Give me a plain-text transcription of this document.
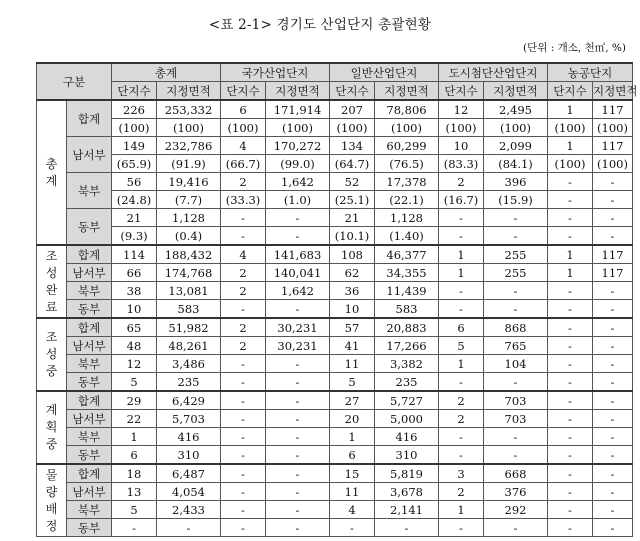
<표 2-1> 경기도 산업단지 총괄현황
(단위 : 개소, 천㎡, %)
구분		총계		국가산업단지		일반산업단지		도시첨단산업단지		농공단지	
		단지수	지정면적	단지수	지정면적	단지수	지정면적	단지수	지정면적	단지수	지정면적

총
계	합계	226	253,332	6	171,914	207	78,806	12	2,495	1	117
		(100)	(100)	(100)	(100)	(100)	(100)	(100)	(100)	(100)	(100)
	남서부	149	232,786	4	170,272	134	60,299	10	2,099	1	117
		(65.9)	(91.9)	(66.7)	(99.0)	(64.7)	(76.5)	(83.3)	(84.1)	(100)	(100)
	북부	56	19,416	2	1,642	52	17,378	2	396	-	-
		(24.8)	(7.7)	(33.3)	(1.0)	(25.1)	(22.1)	(16.7)	(15.9)	-	-
	동부	21	1,128	-	-	21	1,128	-	-	-	-
		(9.3)	(0.4)	-	-	(10.1)	(1.40)	-	-	-	-

조
성
완
료	합계	114	188,432	4	141,683	108	46,377	1	255	1	117
	남서부	66	174,768	2	140,041	62	34,355	1	255	1	117
	북부	38	13,081	2	1,642	36	11,439	-	-	-	-
	동부	10	583	-	-	10	583	-	-	-	-

조
성
중	합계	65	51,982	2	30,231	57	20,883	6	868	-	-
	남서부	48	48,261	2	30,231	41	17,266	5	765	-	-
	북부	12	3,486	-	-	11	3,382	1	104	-	-
	동부	5	235	-	-	5	235	-	-	-	-

계
획
중	합계	29	6,429	-	-	27	5,727	2	703	-	-
	남서부	22	5,703	-	-	20	5,000	2	703	-	-
	북부	1	416	-	-	1	416	-	-	-	-
	동부	6	310	-	-	6	310	-	-	-	-

물
량
배
정	합계	18	6,487	-	-	15	5,819	3	668	-	-
	남서부	13	4,054	-	-	11	3,678	2	376	-	-
	북부	5	2,433	-	-	4	2,141	1	292	-	-
	동부	-	-	-	-	-	-	-	-	-	-
